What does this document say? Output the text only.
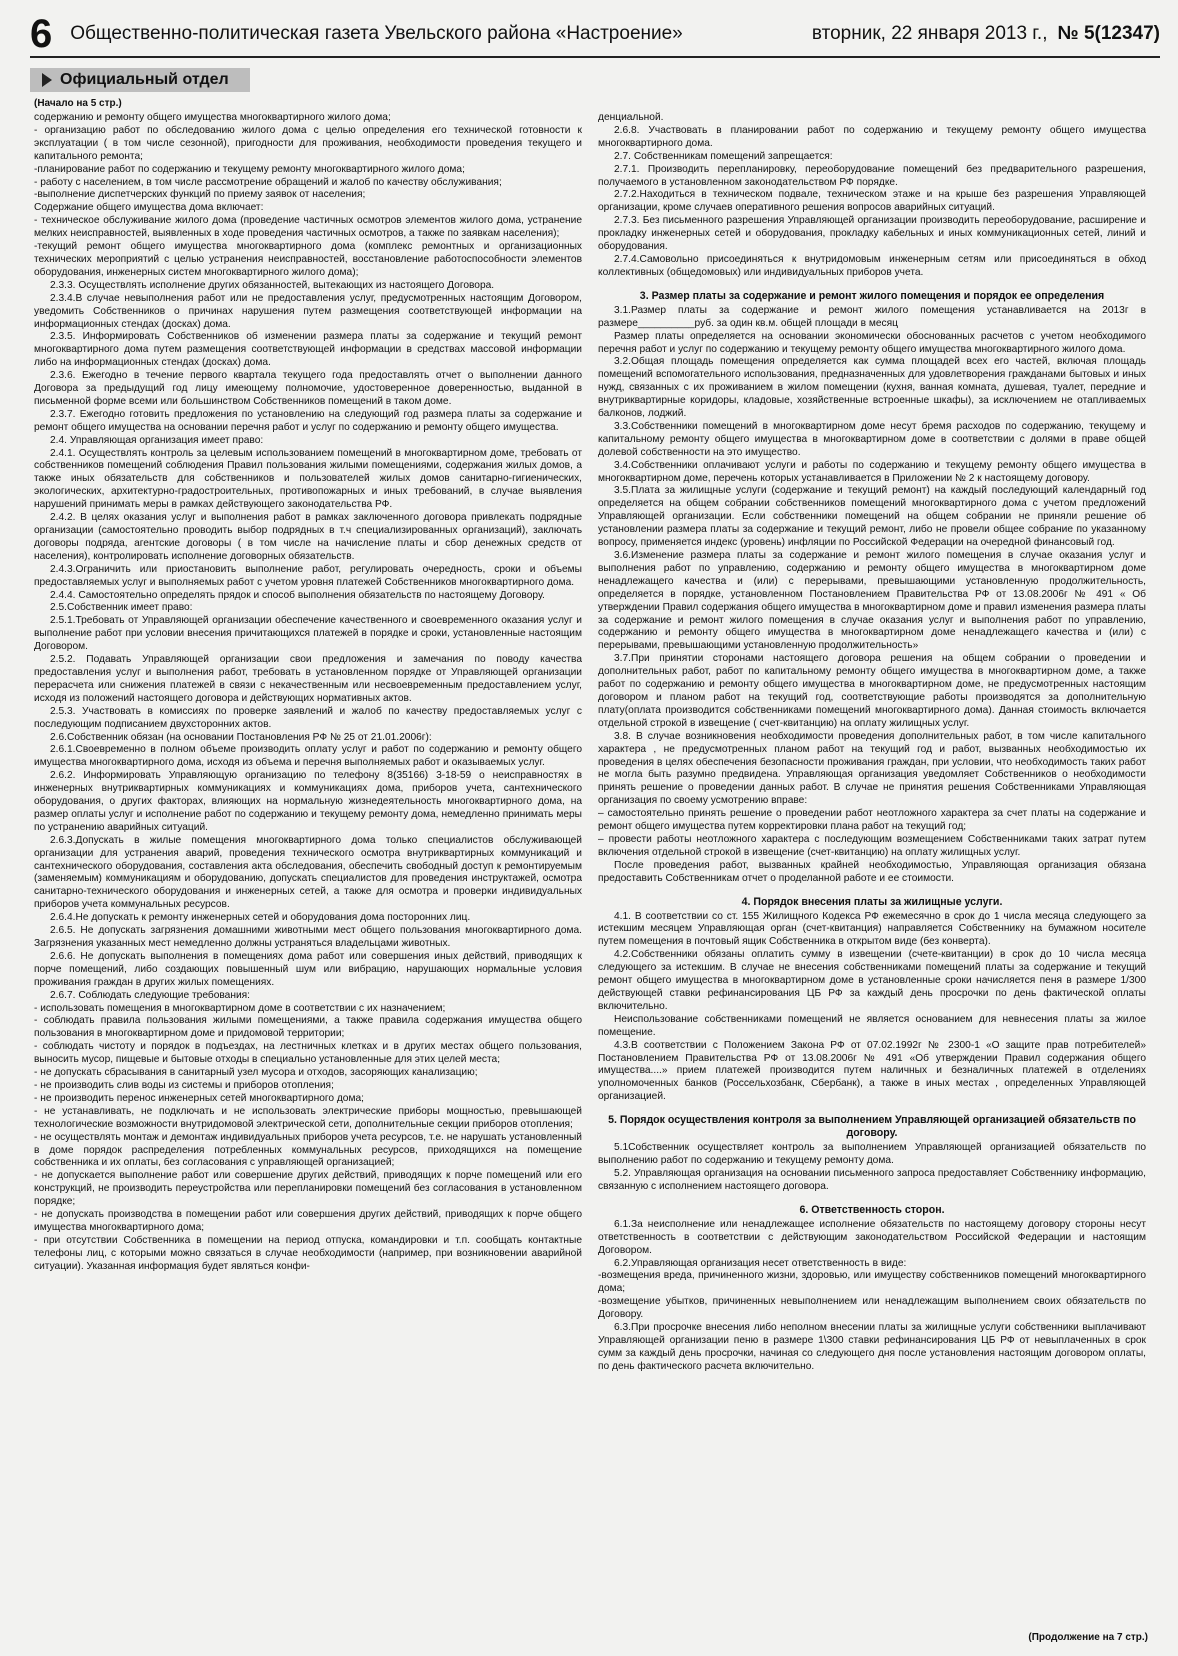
6 Общественно-политическая газета Увельского района «Настроение»	вторник, 22 января 2013 г., № 5(12347)
Официальный отдел
(Начало на 5 стр.)

содержанию и ремонту общего имущества многоквартирного жилого дома;

- организацию работ по обследованию жилого дома с целью определения его технической готовности к эксплуатации ( в том числе сезонной), пригодности для проживания, необходимости проведения текущего и капитального ремонта;

-планирование работ по содержанию и текущему ремонту многоквартирного жилого дома;

- работу с населением, в том числе рассмотрение обращений и жалоб по качеству обслуживания;

-выполнение диспетчерских функций по приему заявок от населения;

Содержание общего имущества дома включает:

- техническое обслуживание жилого дома (проведение частичных осмотров элементов жилого дома, устранение мелких неисправностей, выявленных в ходе проведения частичных осмотров, а также по заявкам населения);

-текущий ремонт общего имущества многоквартирного дома (комплекс ремонтных и организационных технических мероприятий с целью устранения неисправностей, восстановление работоспособности элементов оборудования, инженерных систем многоквартирного жилого дома);

2.3.3. Осуществлять исполнение других обязанностей, вытекающих из настоящего Договора.

2.3.4.В случае невыполнения работ или не предоставления услуг, предусмотренных настоящим Договором, уведомить Собственников о причинах нарушения путем размещения соответствующей информации на информационных стендах (досках) дома.

2.3.5. Информировать Собственников об изменении размера платы за содержание и текущий ремонт многоквартирного дома путем размещения соответствующей информации в средствах массовой информации либо на информационных стендах (досках) дома.

2.3.6. Ежегодно в течение первого квартала текущего года предоставлять отчет о выполнении данного Договора за предыдущий год лицу имеющему полномочие, удостоверенное доверенностью, выданной в письменной форме всеми или большинством Собственников помещений в таком доме.

2.3.7. Ежегодно готовить предложения по установлению на следующий год размера платы за содержание и ремонт общего имущества на основании перечня работ и услуг по содержанию и ремонту общего имущества.

2.4. Управляющая организация имеет право:

2.4.1. Осуществлять контроль за целевым использованием помещений в многоквартирном доме, требовать от собственников помещений соблюдения Правил пользования жилыми помещениями, содержания жилых домов, а также иных обязательств для собственников и пользователей жилых домов санитарно-гигиенических, экологических, архитектурно-градостроительных, противопожарных и иных требований, в случае выявления нарушений принимать меры в рамках действующего законодательства РФ.

2.4.2. В целях оказания услуг и выполнения работ в рамках заключенного договора привлекать подрядные организации (самостоятельно проводить выбор подрядных в т.ч специализированных организаций), заключать договоры подряда, агентские договоры ( в том числе на начисление платы и сбор денежных средств от населения), контролировать исполнение договорных обязательств.

2.4.3.Ограничить или приостановить выполнение работ, регулировать очередность, сроки и объемы предоставляемых услуг и выполняемых работ с учетом уровня платежей Собственников многоквартирного дома.

2.4.4. Самостоятельно определять прядок и способ выполнения обязательств по настоящему Договору.

2.5.Собственник имеет право:

2.5.1.Требовать от Управляющей организации обеспечение качественного и своевременного оказания услуг и выполнение работ при условии внесения причитающихся платежей в порядке и сроки, установленные настоящим Договором.

2.5.2. Подавать Управляющей организации свои предложения и замечания по поводу качества предоставления услуг и выполнения работ, требовать в установленном порядке от Управляющей организации перерасчета или снижения платежей в связи с некачественным или несвоевременным предоставлением услуг, исходя из положений настоящего договора и действующих нормативных актов.

2.5.3. Участвовать в комиссиях по проверке заявлений и жалоб по качеству предоставляемых услуг с последующим подписанием двухсторонних актов.

2.6.Собственник обязан (на основании Постановления РФ № 25 от 21.01.2006г):

2.6.1.Своевременно в полном объеме производить оплату услуг и работ по содержанию и ремонту общего имущества многоквартирного дома, исходя из объема и перечня выполняемых работ и оказываемых услуг.

2.6.2. Информировать Управляющую организацию по телефону 8(35166) 3-18-59 о неисправностях в инженерных внутриквартирных коммуникациях и коммуникациях дома, приборов учета, сантехнического оборудования, о других факторах, влияющих на нормальную жизнедеятельность многоквартирного дома, на размер оплаты услуг и исполнение работ по содержанию и текущему ремонту дома, немедленно принимать меры по устранению аварийных ситуаций.

2.6.3.Допускать в жилые помещения многоквартирного дома только специалистов обслуживающей организации для устранения аварий, проведения технического осмотра внутриквартирных коммуникаций и сантехнического оборудования, составления акта обследования, обеспечить свободный доступ к ремонтируемым (заменяемым) коммуникациям и оборудованию, допускать специалистов для проведения инструктажей, осмотра санитарно-технического оборудования и инженерных сетей, а также для осмотра и проверки индивидуальных приборов учета коммунальных ресурсов.

2.6.4.Не допускать к ремонту инженерных сетей и оборудования дома посторонних лиц.

2.6.5. Не допускать загрязнения домашними животными мест общего пользования многоквартирного дома. Загрязнения указанных мест немедленно должны устраняться владельцами животных.

2.6.6. Не допускать выполнения в помещениях дома работ или совершения иных действий, приводящих к порче помещений, либо создающих повышенный шум или вибрацию, нарушающих нормальные условия проживания граждан в других жилых помещениях.

2.6.7. Соблюдать следующие требования:

- использовать помещения в многоквартирном доме в соответствии с их назначением;

- соблюдать правила пользования жилыми помещениями, а также правила содержания имущества общего пользования в многоквартирном доме и придомовой территории;

- соблюдать чистоту и порядок в подъездах, на лестничных клетках и в других местах общего пользования, выносить мусор, пищевые и бытовые отходы в специально установленные для этих целей места;

- не допускать сбрасывания в санитарный узел мусора и отходов, засоряющих канализацию;

- не производить слив воды из системы и приборов отопления;

- не производить перенос инженерных сетей многоквартирного дома;

- не устанавливать, не подключать и не использовать электрические приборы мощностью, превышающей технологические возможности внутридомовой электрической сети, дополнительные секции приборов отопления;

- не осуществлять монтаж и демонтаж индивидуальных приборов учета ресурсов, т.е. не нарушать установленный в доме порядок распределения потребленных коммунальных ресурсов, приходящихся на помещение собственника и их оплаты, без согласования с управляющей организацией;

- не допускается выполнение работ или совершение других действий, приводящих к порче помещений или его конструкций, не производить переустройства или перепланировки помещений без согласования в установленном порядке;

- не допускать производства в помещении работ или совершения других действий, приводящих к порче общего имущества многоквартирного дома;

- при отсутствии Собственника в помещении на период отпуска, командировки и т.п. сообщать контактные телефоны лиц, с которыми можно связаться в случае необходимости (например, при возникновении аварийной ситуации). Указанная информация будет являться конфи-

денциальной.

2.6.8. Участвовать в планировании работ по содержанию и текущему ремонту общего имущества многоквартирного дома.

2.7. Собственникам помещений запрещается:

2.7.1. Производить перепланировку, переоборудование помещений без предварительного разрешения, получаемого в установленном законодательством РФ порядке.

2.7.2.Находиться в техническом подвале, техническом этаже и на крыше без разрешения Управляющей организации, кроме случаев оперативного решения вопросов аварийных ситуаций.

2.7.3. Без письменного разрешения Управляющей организации производить переоборудование, расширение и прокладку инженерных сетей и оборудования, прокладку кабельных и иных коммуникационных сетей, линий и оборудования.

2.7.4.Самовольно присоединяться к внутридомовым инженерным сетям или присоединяться в обход коллективных (общедомовых) или индивидуальных приборов учета.

3. Размер платы за содержание и ремонт жилого помещения и порядок ее определения

3.1.Размер платы за содержание и ремонт жилого помещения устанавливается на 2013г в размере__________руб. за один кв.м. общей площади в месяц

Размер платы определяется на основании экономически обоснованных расчетов с учетом необходимого перечня работ и услуг по содержанию и текущему ремонту общего имущества многоквартирного жилого дома.

3.2.Общая площадь помещения определяется как сумма площадей всех его частей, включая площадь помещений вспомогательного использования, предназначенных для удовлетворения гражданами бытовых и иных нужд, связанных с их проживанием в жилом помещении (кухня, ванная комната, душевая, туалет, передние и внутриквартирные коридоры, кладовые, хозяйственные встроенные шкафы), за исключением не отапливаемых балконов, лоджий.

3.3.Собственники помещений в многоквартирном доме несут бремя расходов по содержанию, текущему и капитальному ремонту общего имущества в многоквартирном доме в соответствии с долями в праве общей долевой собственности на это имущество.

3.4.Собственники оплачивают услуги и работы по содержанию и текущему ремонту общего имущества в многоквартирном доме, перечень которых устанавливается в Приложении № 2 к настоящему договору.

3.5.Плата за жилищные услуги (содержание и текущий ремонт) на каждый последующий календарный год определяется на общем собрании собственников помещений многоквартирного дома с учетом предложений Управляющей организации. Если собственники помещений на общем собрании не приняли решение об установлении размера платы за содержание и текущий ремонт, либо не провели общее собрание по указанному вопросу, применяется индекс (уровень) инфляции по Российской Федерации на очередной финансовый год.

3.6.Изменение размера платы за содержание и ремонт жилого помещения в случае оказания услуг и выполнения работ по управлению, содержанию и ремонту общего имущества в многоквартирном доме ненадлежащего качества и (или) с перерывами, превышающими установленную продолжительность, определяется в порядке, установленном Постановлением Правительства РФ от 13.08.2006г № 491 « Об утверждении Правил содержания общего имущества в многоквартирном доме и правил изменения размера платы за содержание и ремонт жилого помещения в случае оказания услуг и выполнения работ по управлению, содержанию и ремонту общего имущества в многоквартирном доме ненадлежащего качества и (или) с перерывами, превышающими установленную продолжительность»

3.7.При принятии сторонами настоящего договора решения на общем собрании о проведении и дополнительных работ, работ по капитальному ремонту общего имущества в многоквартирном доме, а также работ по содержанию и ремонту общего имущества в многоквартирном доме, не предусмотренных настоящим договором и планом работ на текущий год, соответствующие работы производятся за дополнительную плату(оплата производится собственниками помещений многоквартирного дома). Данная стоимость включается отдельной строкой в извещение ( счет-квитанцию) на оплату жилищных услуг.

3.8. В случае возникновения необходимости проведения дополнительных работ, в том числе капитального характера , не предусмотренных планом работ на текущий год и работ, вызванных необходимостью их проведения в целях обеспечения безопасности проживания граждан, при условии, что необходимость таких работ не могла быть разумно предвидена. Управляющая организация уведомляет Собственников о необходимости принять решение о проведении данных работ. В случае не принятия решения Собственниками Управляющая организация по своему усмотрению вправе:

– самостоятельно принять решение о проведении работ неотложного характера за счет платы на содержание и ремонт общего имущества путем корректировки плана работ на текущий год;

– провести работы неотложного характера с последующим возмещением Собственниками таких затрат путем включения отдельной строкой в извещение (счет-квитанцию) на оплату жилищных услуг.

После проведения работ, вызванных крайней необходимостью, Управляющая организация обязана предоставить Собственникам отчет о проделанной работе и ее стоимости.

4. Порядок внесения платы за жилищные услуги.

4.1. В соответствии со ст. 155 Жилищного Кодекса РФ ежемесячно в срок до 1 числа месяца следующего за истекшим месяцем Управляющая орган (счет-квитанция) направляется Собственнику на бумажном носителе путем помещения в почтовый ящик Собственника в открытом виде (без конверта).

4.2.Собственники обязаны оплатить сумму в извещении (счете-квитанции) в срок до 10 числа месяца следующего за истекшим. В случае не внесения собственниками помещений платы за содержание и текущий ремонт общего имущества в многоквартирном доме в установленные сроки начисляется пеня в размере 1/300 действующей ставки рефинансирования ЦБ РФ за каждый день просрочки по день фактической оплаты включительно.

Неиспользование собственниками помещений не является основанием для невнесения платы за жилое помещение.

4.3.В соответствии с Положением Закона РФ от 07.02.1992г № 2300-1 «О защите прав потребителей» Постановлением Правительства РФ от 13.08.2006г № 491 «Об утверждении Правил содержания общего имущества....» прием платежей производится путем наличных и безналичных платежей в отделениях уполномоченных банков (Россельхозбанк, Сбербанк), а также в иных местах , определенных Управляющей организацией.

5. Порядок осуществления контроля за выполнением Управляющей организацией обязательств по договору.

5.1Собственник осуществляет контроль за выполнением Управляющей организацией обязательств по выполнению работ по содержанию и текущему ремонту дома.

5.2. Управляющая организация на основании письменного запроса предоставляет Собственнику информацию, связанную с исполнением настоящего договора.

6. Ответственность сторон.

6.1.За неисполнение или ненадлежащее исполнение обязательств по настоящему договору стороны несут ответственность в соответствии с действующим законодательством Российской Федерации и настоящим Договором.

6.2.Управляющая организация несет ответственность в виде:

-возмещения вреда, причиненного жизни, здоровью, или имуществу собственников помещений многоквартирного дома;

-возмещение убытков, причиненных невыполнением или ненадлежащим выполнением своих обязательств по Договору.

6.3.При просрочке внесения либо неполном внесении платы за жилищные услуги собственники выплачивают Управляющей организации пеню в размере 1\300 ставки рефинансирования ЦБ РФ от невыплаченных в срок сумм за каждый день просрочки, начиная со следующего дня после установления настоящим договором оплаты, по день фактического расчета включительно.

(Продолжение на 7 стр.)
